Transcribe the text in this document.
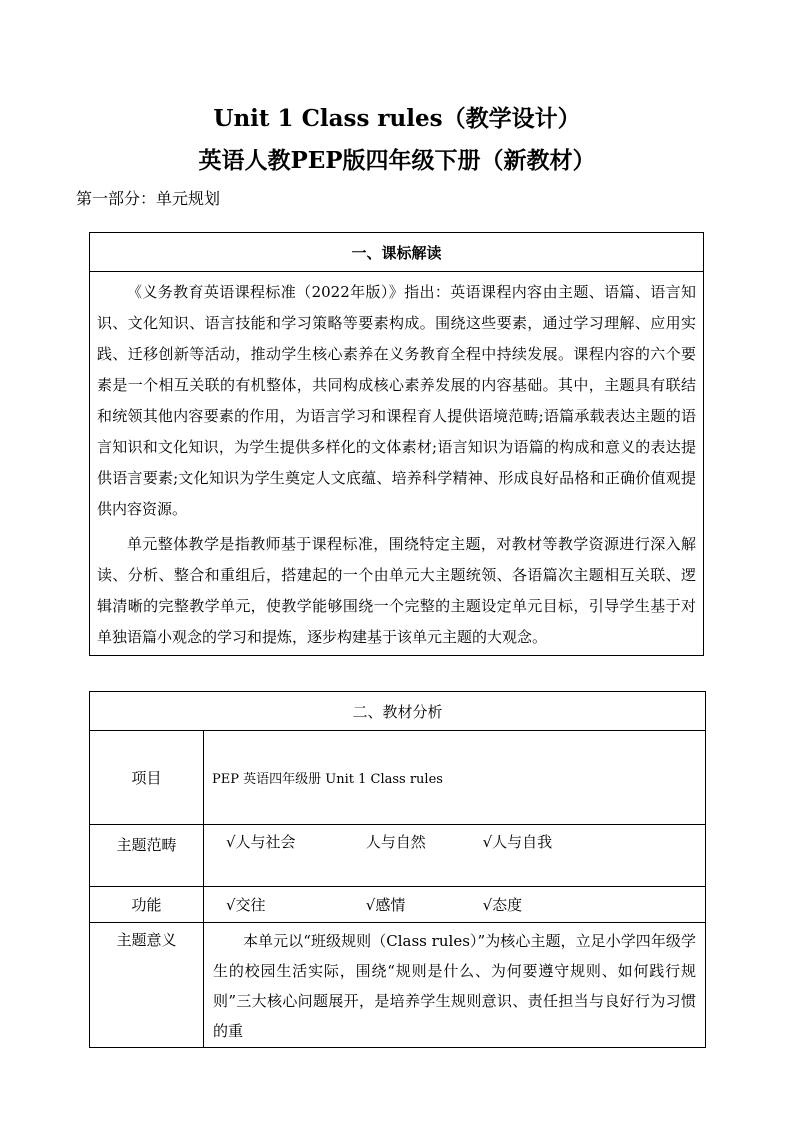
Unit 1 Class rules（教学设计）
英语人教PEP版四年级下册（新教材）
第一部分：单元规划
一、课标解读

《义务教育英语课程标准（2022年版）》指出：英语课程内容由主题、语篇、语言知识、文化知识、语言技能和学习策略等要素构成。围绕这些要素，通过学习理解、应用实践、迁移创新等活动，推动学生核心素养在义务教育全程中持续发展。课程内容的六个要素是一个相互关联的有机整体，共同构成核心素养发展的内容基础。其中，主题具有联结和统领其他内容要素的作用，为语言学习和课程育人提供语境范畴;语篇承载表达主题的语言知识和文化知识，为学生提供多样化的文体素材;语言知识为语篇的构成和意义的表达提供语言要素;文化知识为学生奠定人文底蕴、培养科学精神、形成良好品格和正确价值观提供内容资源。

单元整体教学是指教师基于课程标准，围绕特定主题，对教材等教学资源进行深入解读、分析、整合和重组后，搭建起的一个由单元大主题统领、各语篇次主题相互关联、逻辑清晰的完整教学单元，使教学能够围绕一个完整的主题设定单元目标，引导学生基于对单独语篇小观念的学习和提炼，逐步构建基于该单元主题的大观念。

二、教材分析	
项目	PEP 英语四年级册 Unit 1 Class rules
主题范畴	√人与社会 人与自然 √人与自我
功能	√交往 √感情 √态度
主题意义	本单元以“班级规则（Class rules）”为核心主题，立足小学四年级学生的校园生活实际，围绕“规则是什么、为何要遵守规则、如何践行规则”三大核心问题展开，是培养学生规则意识、责任担当与良好行为习惯的重
